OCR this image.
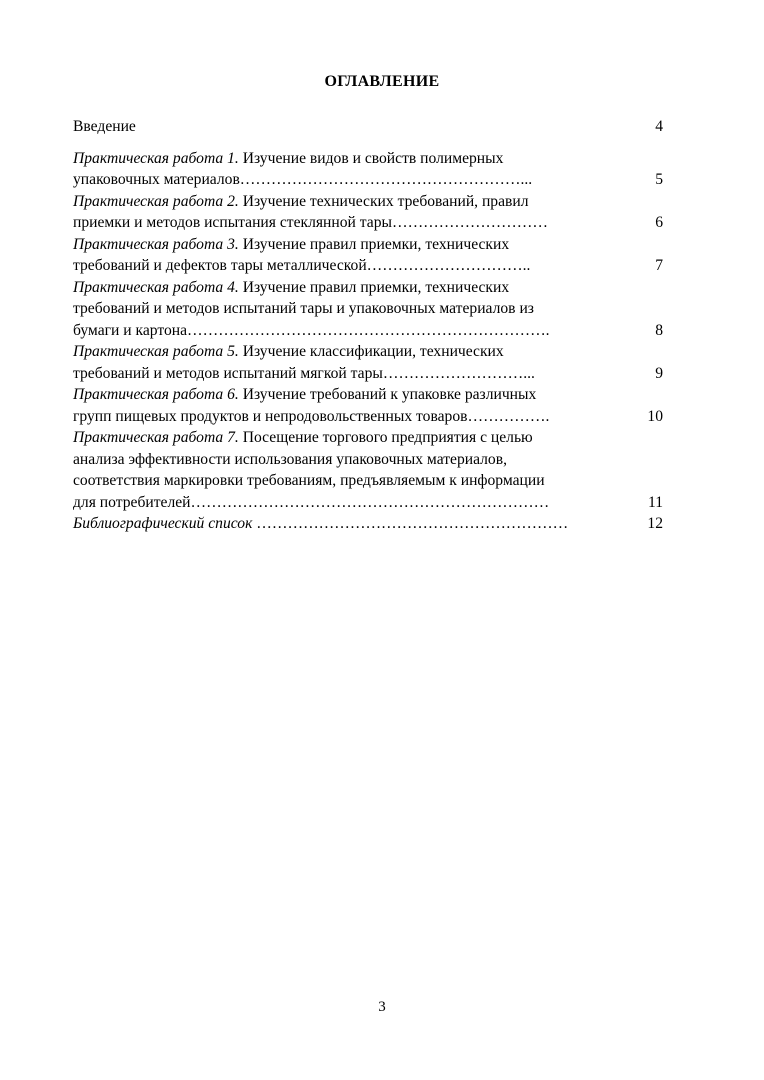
ОГЛАВЛЕНИЕ
Введение	4
Практическая работа 1. Изучение видов и свойств полимерных
упаковочных материалов………………………………………………...	5
Практическая работа 2. Изучение технических требований, правил
приемки и методов испытания стеклянной тары…………………………	6
Практическая работа 3. Изучение правил приемки, технических
требований и дефектов тары металлической…………………………..	7
Практическая работа 4. Изучение правил приемки, технических
требований и методов испытаний тары и упаковочных материалов из
бумаги и картона…………………………………………………………….	8
Практическая работа 5. Изучение классификации, технических
требований и методов испытаний мягкой тары………………………...	9
Практическая работа 6. Изучение требований к упаковке различных
групп пищевых продуктов и непродовольственных товаров…………….	10
Практическая работа 7. Посещение торгового предприятия с целью
анализа эффективности использования упаковочных материалов,
соответствия маркировки требованиям, предъявляемым к информации
для потребителей……………………………………………………………	11
Библиографический список ……………………………………………………	12
3
